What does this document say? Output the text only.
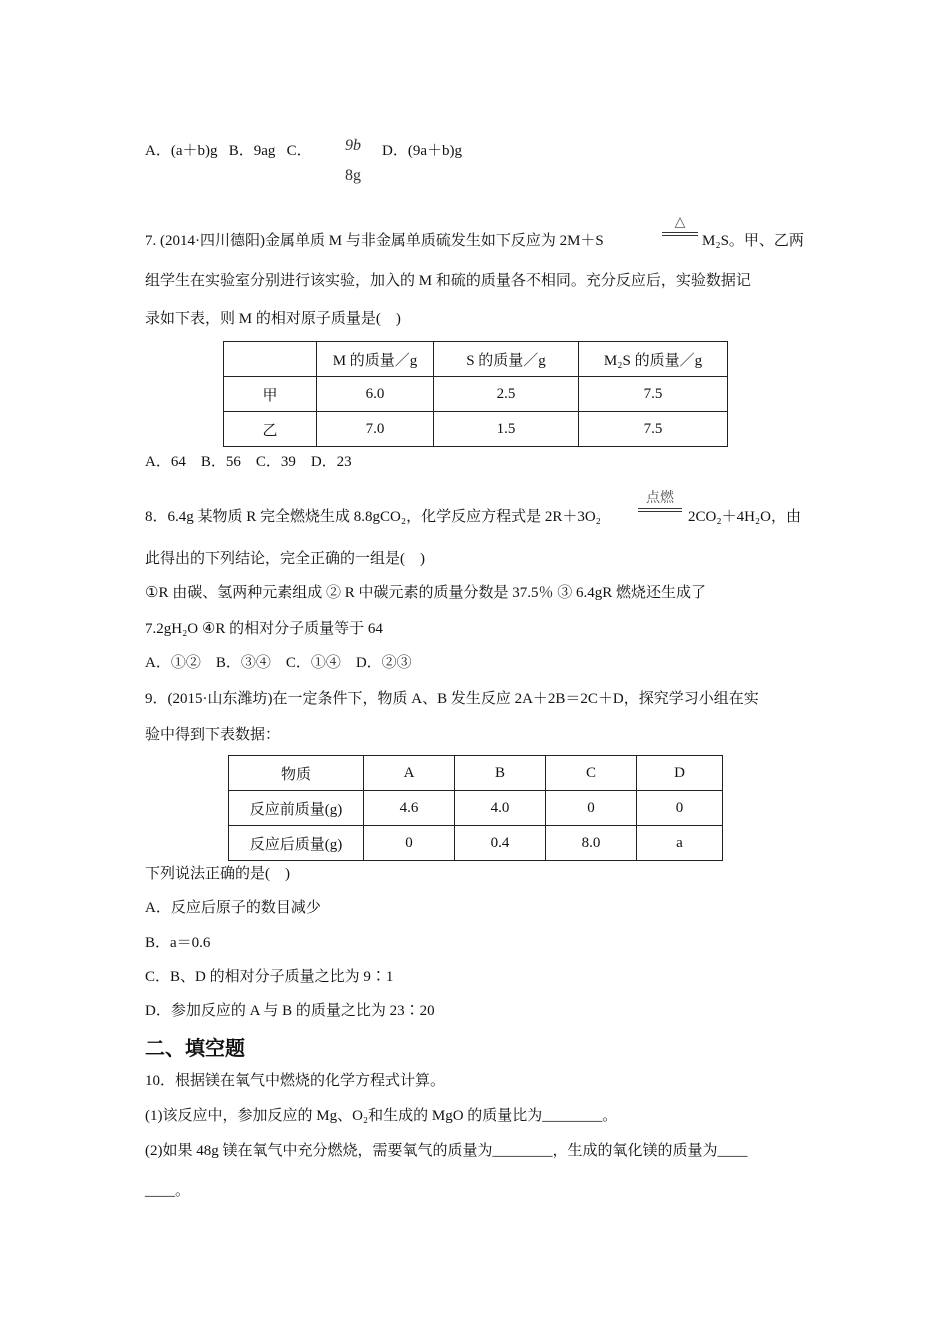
A．(a＋b)g B．9ag C．	9b
8g
D．(9a＋b)g
7. (2014·四川德阳)金属单质 M 与非金属单质硫发生如下反应为 2M＋S
△
M₂S。甲、乙两
组学生在实验室分别进行该实验，加入的 M 和硫的质量各不相同。充分反应后，实验数据记
录如下表，则 M 的相对原子质量是(　)
	M 的质量／g	S 的质量／g	M₂S 的质量／g
甲	6.0	2.5	7.5
乙	7.0	1.5	7.5
A．64　B．56　C．39　D．23
8．6.4g 某物质 R 完全燃烧生成 8.8gCO₂，化学反应方程式是 2R＋3O₂
点燃
2CO₂＋4H₂O，由
此得出的下列结论，完全正确的一组是(　)
①R 由碳、氢两种元素组成 ② R 中碳元素的质量分数是 37.5％ ③ 6.4gR 燃烧还生成了
7.2gH₂O ④R 的相对分子质量等于 64
A．①②　B．③④　C．①④　D．②③
9．(2015·山东潍坊)在一定条件下，物质 A、B 发生反应 2A＋2B＝2C＋D，探究学习小组在实
验中得到下表数据：
物质	A	B	C	D
反应前质量(g)	4.6	4.0	0	0
反应后质量(g)	0	0.4	8.0	a
下列说法正确的是(　)
A．反应后原子的数目减少
B．a＝0.6
C．B、D 的相对分子质量之比为 9∶1
D．参加反应的 A 与 B 的质量之比为 23∶20
二、填空题
10．根据镁在氧气中燃烧的化学方程式计算。
(1)该反应中，参加反应的 Mg、O₂和生成的 MgO 的质量比为________。
(2)如果 48g 镁在氧气中充分燃烧，需要氧气的质量为________，生成的氧化镁的质量为____
____。
